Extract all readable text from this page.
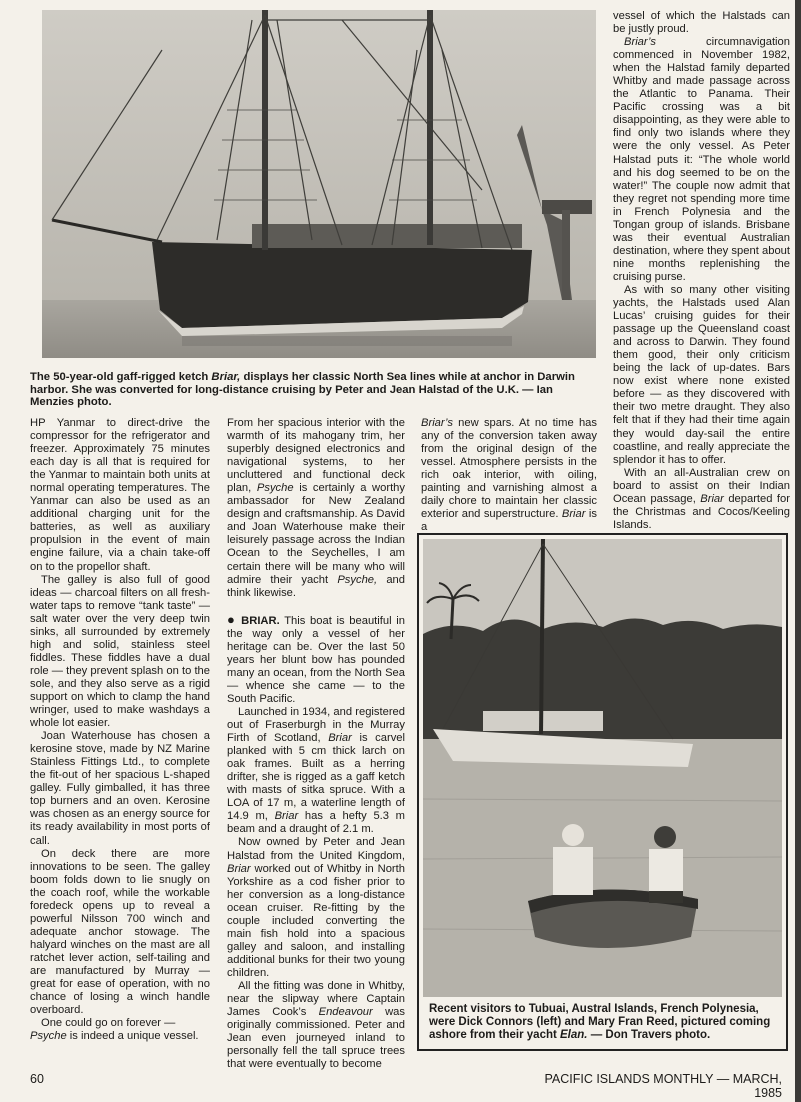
The 50-year-old gaff-rigged ketch Briar, displays her classic North Sea lines while at anchor in Darwin harbor. She was converted for long-distance cruising by Peter and Jean Halstad of the U.K. — Ian Menzies photo.

HP Yanmar to direct-drive the compressor for the refrigerator and freezer. Approximately 75 minutes each day is all that is required for the Yanmar to maintain both units at normal operating temperatures. The Yanmar can also be used as an additional charging unit for the batteries, as well as auxiliary propulsion in the event of main engine failure, via a chain take-off on to the propellor shaft.

The galley is also full of good ideas — charcoal filters on all fresh-water taps to remove “tank taste” — salt water over the very deep twin sinks, all surrounded by extremely high and solid, stainless steel fiddles. These fiddles have a dual role — they prevent splash on to the sole, and they also serve as a rigid support on which to clamp the hand wringer, used to make washdays a whole lot easier.

Joan Waterhouse has chosen a kerosine stove, made by NZ Marine Stainless Fittings Ltd., to complete the fit-out of her spacious L-shaped galley. Fully gimballed, it has three top burners and an oven. Kerosine was chosen as an energy source for its ready availability in most ports of call.

On deck there are more innovations to be seen. The galley boom folds down to lie snugly on the coach roof, while the workable foredeck opens up to reveal a powerful Nilsson 700 winch and adequate anchor stowage. The halyard winches on the mast are all ratchet lever action, self-tailing and are manufactured by Murray — great for ease of operation, with no chance of losing a winch handle overboard.

One could go on forever —

Psyche is indeed a unique vessel.

From her spacious interior with the warmth of its mahogany trim, her superbly designed electronics and navigational systems, to her uncluttered and functional deck plan, Psyche is certainly a worthy ambassador for New Zealand design and craftsmanship. As David and Joan Waterhouse make their leisurely passage across the Indian Ocean to the Seychelles, I am certain there will be many who will admire their yacht Psyche, and think likewise.

● BRIAR. This boat is beautiful in the way only a vessel of her heritage can be. Over the last 50 years her blunt bow has pounded many an ocean, from the North Sea — whence she came — to the South Pacific.

Launched in 1934, and registered out of Fraserburgh in the Murray Firth of Scotland, Briar is carvel planked with 5 cm thick larch on oak frames. Built as a herring drifter, she is rigged as a gaff ketch with masts of sitka spruce. With a LOA of 17 m, a waterline length of 14.9 m, Briar has a hefty 5.3 m beam and a draught of 2.1 m.

Now owned by Peter and Jean Halstad from the United Kingdom, Briar worked out of Whitby in North Yorkshire as a cod fisher prior to her conversion as a long-distance ocean cruiser. Re-fitting by the couple included converting the main fish hold into a spacious galley and saloon, and installing additional bunks for their two young children.

All the fitting was done in Whitby, near the slipway where Captain James Cook’s Endeavour was originally commissioned. Peter and Jean even journeyed inland to personally fell the tall spruce trees that were eventually to become

Briar’s new spars. At no time has any of the conversion taken away from the original design of the vessel. Atmosphere persists in the rich oak interior, with oiling, painting and varnishing almost a daily chore to maintain her classic exterior and superstructure. Briar is a

vessel of which the Halstads can be justly proud.

Briar’s circumnavigation commenced in November 1982, when the Halstad family departed Whitby and made passage across the Atlantic to Panama. Their Pacific crossing was a bit disappointing, as they were able to find only two islands where they were the only vessel. As Peter Halstad puts it: “The whole world and his dog seemed to be on the water!” The couple now admit that they regret not spending more time in French Polynesia and the Tongan group of islands. Brisbane was their eventual Australian destination, where they spent about nine months replenishing the cruising purse.

As with so many other visiting yachts, the Halstads used Alan Lucas’ cruising guides for their passage up the Queensland coast and across to Darwin. They found them good, their only criticism being the lack of up-dates. Bars now exist where none existed before — as they discovered with their two metre draught. They also felt that if they had their time again they would day-sail the entire coastline, and really appreciate the splendor it has to offer.

With an all-Australian crew on board to assist on their Indian Ocean passage, Briar departed for the Christmas and Cocos/Keeling Islands.

Recent visitors to Tubuai, Austral Islands, French Polynesia, were Dick Connors (left) and Mary Fran Reed, pictured coming ashore from their yacht Elan. — Don Travers photo.

60	PACIFIC ISLANDS MONTHLY — MARCH, 1985
